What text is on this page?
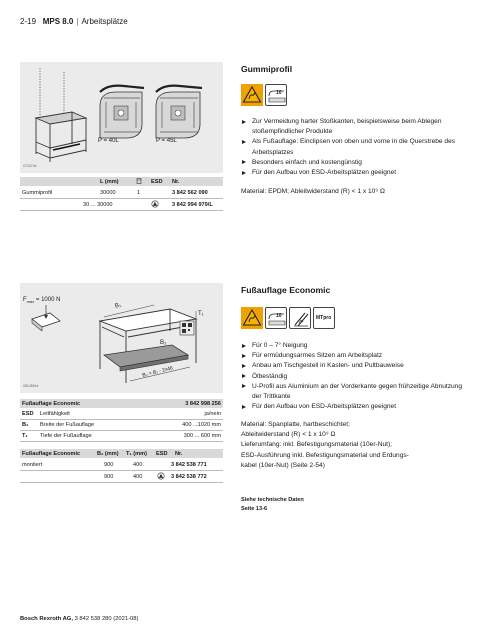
2-19 MPS 8.0 | Arbeitsplätze
P = 40L	P = 45L
0724744
L (mm)	ESD Nr.
Gummiprofil	30000	1	3 842 562 090
30 ... 30000	3 842 994 979/L
Gummiprofil
10
Zur Vermeidung harter Stoßkanten, beispielsweise beim Ablegen stoßempfindlicher Produkte
Als Fußauflage: Einclipsen von oben und vorne in die Querstrebe des Arbeitsplatzes
Besonders einfach und kostengünstig
Für den Aufbau von ESD-Arbeitsplätzen geeignet
Material: EPDM; Ableitwiderstand (R) < 1 x 10⁹ Ω
$F_{max} = 1000$ N
B₁
T₁
B₂
B₂ = B₁ - 2x46
0812801e
Fußauflage Economic	3 842 998 256
ESD Leitfähigkeit	ja/nein
B₁ Breite der Fußauflage	400 ...1020 mm
T₁ Tiefe der Fußauflage	300 ... 600 mm
Fußauflage Economic	B₁ (mm) T₁ (mm) ESD Nr.
montiert	900	400	3 842 538 771
900	400	3 842 538 772
Fußauflage Economic
10	MTpro
Für 0 – 7° Neigung
Für ermüdungsarmes Sitzen am Arbeitsplatz
Anbau am Tischgestell in Kasten- und Pultbauweise
Ölbeständig
U-Profil aus Aluminium an der Vorderkante gegen frühzeitige Abnutzung der Trittkante
Für den Aufbau von ESD-Arbeitsplätzen geeignet
Material: Spanplatte, hartbeschichtet;
Ableitwiderstand (R) < 1 x 10⁹ Ω
Lieferumfang: inkl. Befestigungsmaterial (10er-Nut);
ESD-Ausführung inkl. Befestigungsmaterial und Erdungs-
kabel (10er-Nut) (Seite 2-54)
Siehe technische Daten
Seite 13-6
Bosch Rexroth AG, 3 842 538 280 (2021-08)
